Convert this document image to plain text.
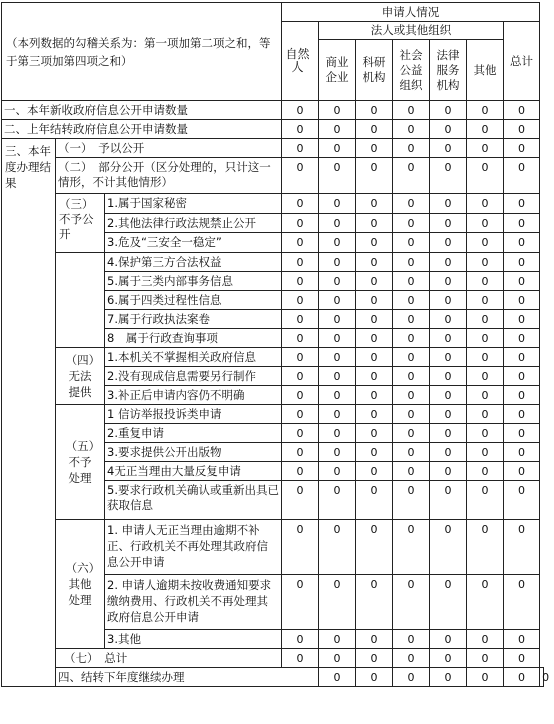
（本列数据的勾稽关系为：第一项加第二项之和，等于第三项加第四项之和）			申请人情况							
			自然人	法人或其他组织					总计	
				商业企业	科研机构	社会公益组织	法律服务机构	其他		
一、本年新收政府信息公开申请数量			0	0	0	0	0	0	0	
二、上年结转政府信息公开申请数量			0	0	0	0	0	0	0	
三、本年度办理结果	（一）　予以公开		0	0	0	0	0	0	0	
	（二）　部分公开（区分处理的，只计这一情形，不计其他情形）		0	0	0	0	0	0	0	
	（三）不予公开	1.属于国家秘密	0	0	0	0	0	0	0	
		2.其他法律行政法规禁止公开	0	0	0	0	0	0	0	
		3.危及“三安全一稳定”	0	0	0	0	0	0	0	
		4.保护第三方合法权益	0	0	0	0	0	0	0	
		5.属于三类内部事务信息	0	0	0	0	0	0	0	
		6.属于四类过程性信息	0	0	0	0	0	0	0	
		7.属于行政执法案卷	0	0	0	0	0	0	0	
		8　属于行政查询事项	0	0	0	0	0	0	0	
	（四）无法提供	1.本机关不掌握相关政府信息	0	0	0	0	0	0	0	
		2.没有现成信息需要另行制作	0	0	0	0	0	0	0	
		3.补正后申请内容仍不明确	0	0	0	0	0	0	0	
	（五）不予处理	1 信访举报投诉类申请	0	0	0	0	0	0	0	
		2.重复申请	0	0	0	0	0	0	0	
		3.要求提供公开出版物	0	0	0	0	0	0	0	
		4无正当理由大量反复申请	0	0	0	0	0	0	0	
		5.要求行政机关确认或重新出具已获取信息	0	0	0	0	0	0	0	
	（六）其他处理	1. 申请人无正当理由逾期不补正、行政机关不再处理其政府信息公开申请	0	0	0	0	0	0	0	
		2. 申请人逾期未按收费通知要求缴纳费用、行政机关不再处理其政府信息公开申请	0	0	0	0	0	0	0	
		3.其他	0	0	0	0	0	0	0	
	（七）　总计		0	0	0	0	0	0	0	
	四、结转下年度继续办理			0	0	0	0	0	0	0
